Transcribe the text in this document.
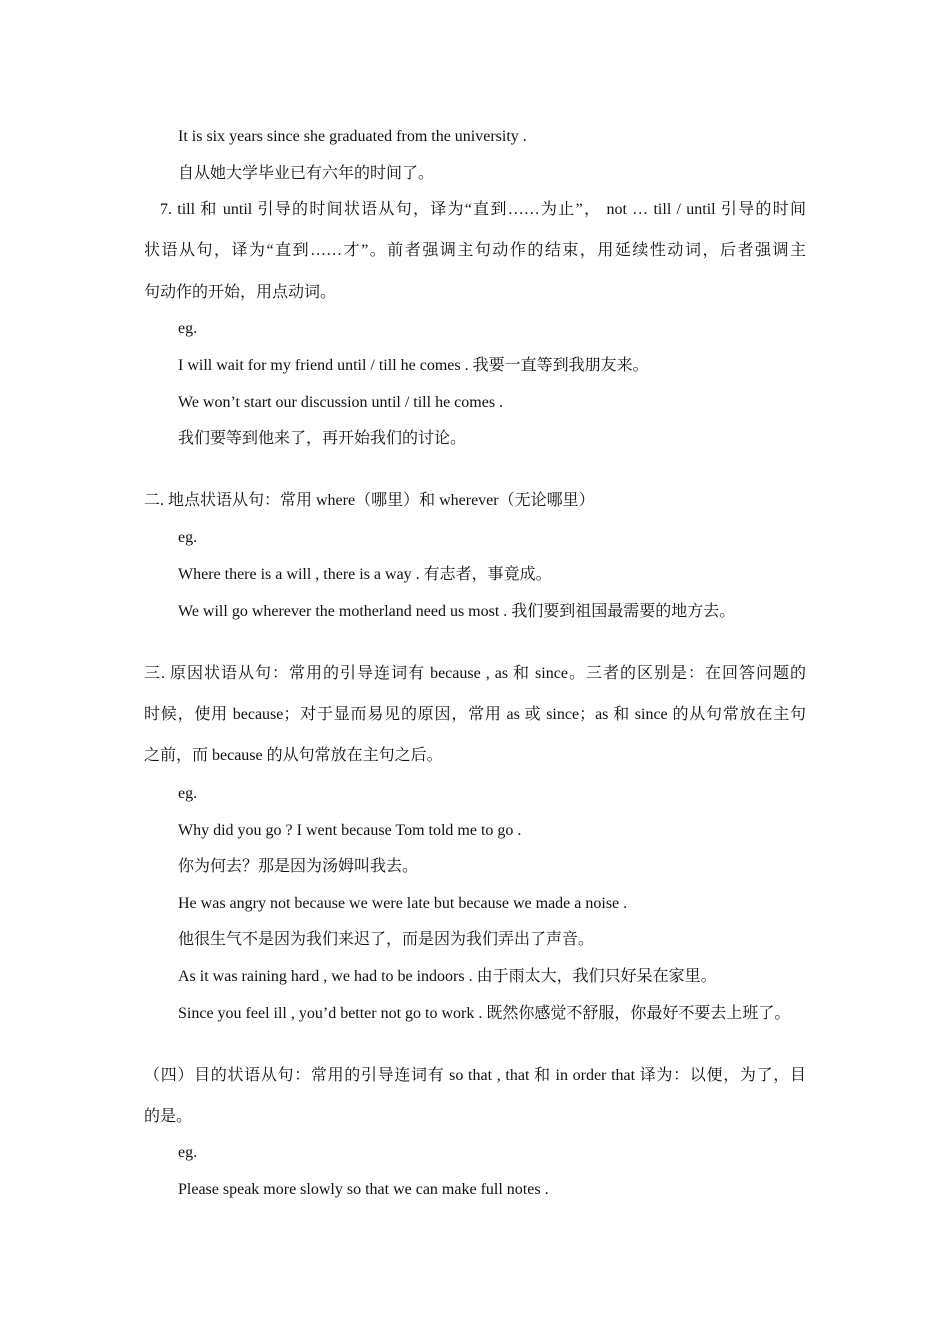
It is six years since she graduated from the university .
自从她大学毕业已有六年的时间了。
7. till 和 until 引导的时间状语从句，译为“直到……为止”， not … till / until 引导的时间
状语从句，译为“直到……才”。前者强调主句动作的结束，用延续性动词，后者强调主
句动作的开始，用点动词。
eg.
I will wait for my friend until / till he comes . 我要一直等到我朋友来。
We won’t start our discussion until / till he comes .
我们要等到他来了，再开始我们的讨论。
二. 地点状语从句：常用 where（哪里）和 wherever（无论哪里）
eg.
Where there is a will , there is a way . 有志者，事竟成。
We will go wherever the motherland need us most . 我们要到祖国最需要的地方去。
三. 原因状语从句：常用的引导连词有 because , as 和 since。三者的区别是：在回答问题的
时候，使用 because；对于显而易见的原因，常用 as 或 since；as 和 since 的从句常放在主句
之前，而 because 的从句常放在主句之后。
eg.
Why did you go ? I went because Tom told me to go .
你为何去？那是因为汤姆叫我去。
He was angry not because we were late but because we made a noise .
他很生气不是因为我们来迟了，而是因为我们弄出了声音。
As it was raining hard , we had to be indoors . 由于雨太大，我们只好呆在家里。
Since you feel ill , you’d better not go to work . 既然你感觉不舒服，你最好不要去上班了。
（四）目的状语从句：常用的引导连词有 so that , that 和 in order that 译为：以便，为了，目
的是。
eg.
Please speak more slowly so that we can make full notes .
